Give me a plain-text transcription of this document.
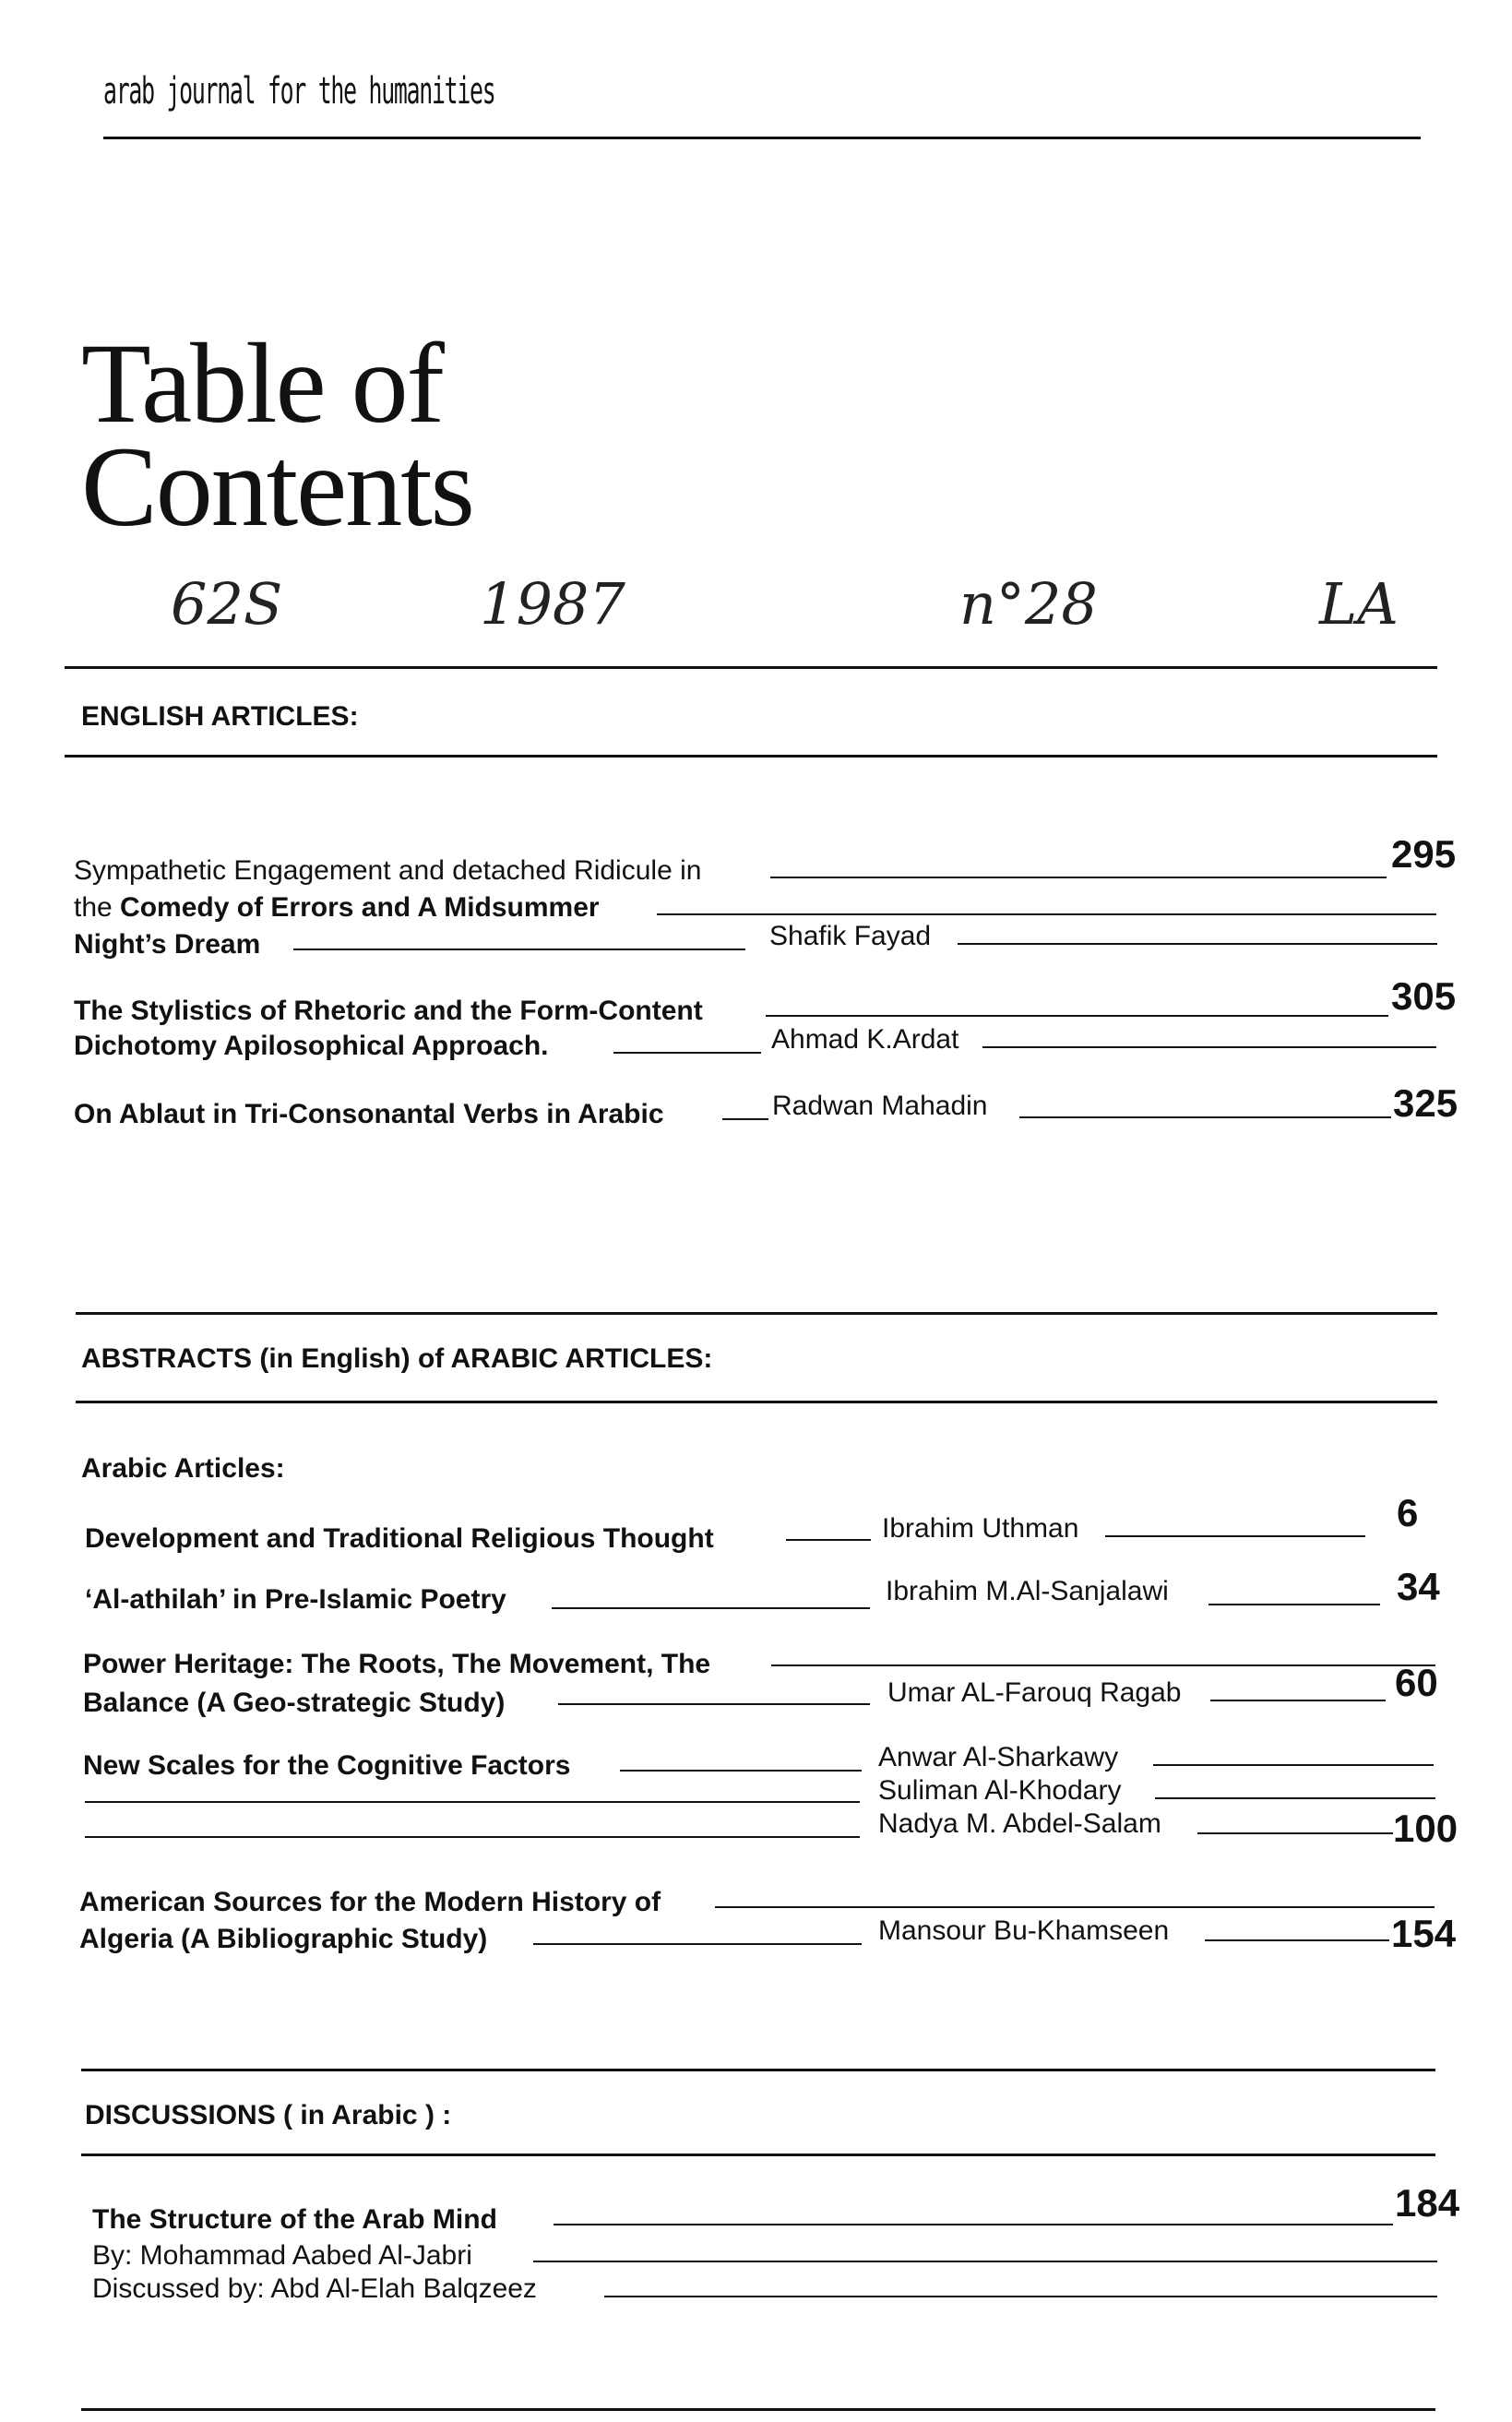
arab journal for the humanities
Table of
Contents
62S	1987	n°28	LA
ENGLISH ARTICLES:
Sympathetic Engagement and detached Ridicule in	295
the Comedy of Errors and A Midsummer
Night’s Dream	Shafik Fayad
The Stylistics of Rhetoric and the Form-Content	305
Dichotomy Apilosophical Approach.	Ahmad K.Ardat
On Ablaut in Tri-Consonantal Verbs in Arabic	Radwan Mahadin	325
ABSTRACTS (in English) of ARABIC ARTICLES:
Arabic Articles:
Development and Traditional Religious Thought	Ibrahim Uthman	6
‘Al-athilah’ in Pre-Islamic Poetry	Ibrahim M.Al-Sanjalawi	34
Power Heritage: The Roots, The Movement, The
Balance (A Geo-strategic Study)	Umar AL-Farouq Ragab	60
New Scales for the Cognitive Factors	Anwar Al-Sharkawy
Suliman Al-Khodary
Nadya M. Abdel-Salam	100
American Sources for the Modern History of
Algeria (A Bibliographic Study)	Mansour Bu-Khamseen	154
DISCUSSIONS ( in Arabic ) :
The Structure of the Arab Mind	184
By: Mohammad Aabed Al-Jabri
Discussed by: Abd Al-Elah Balqzeez
